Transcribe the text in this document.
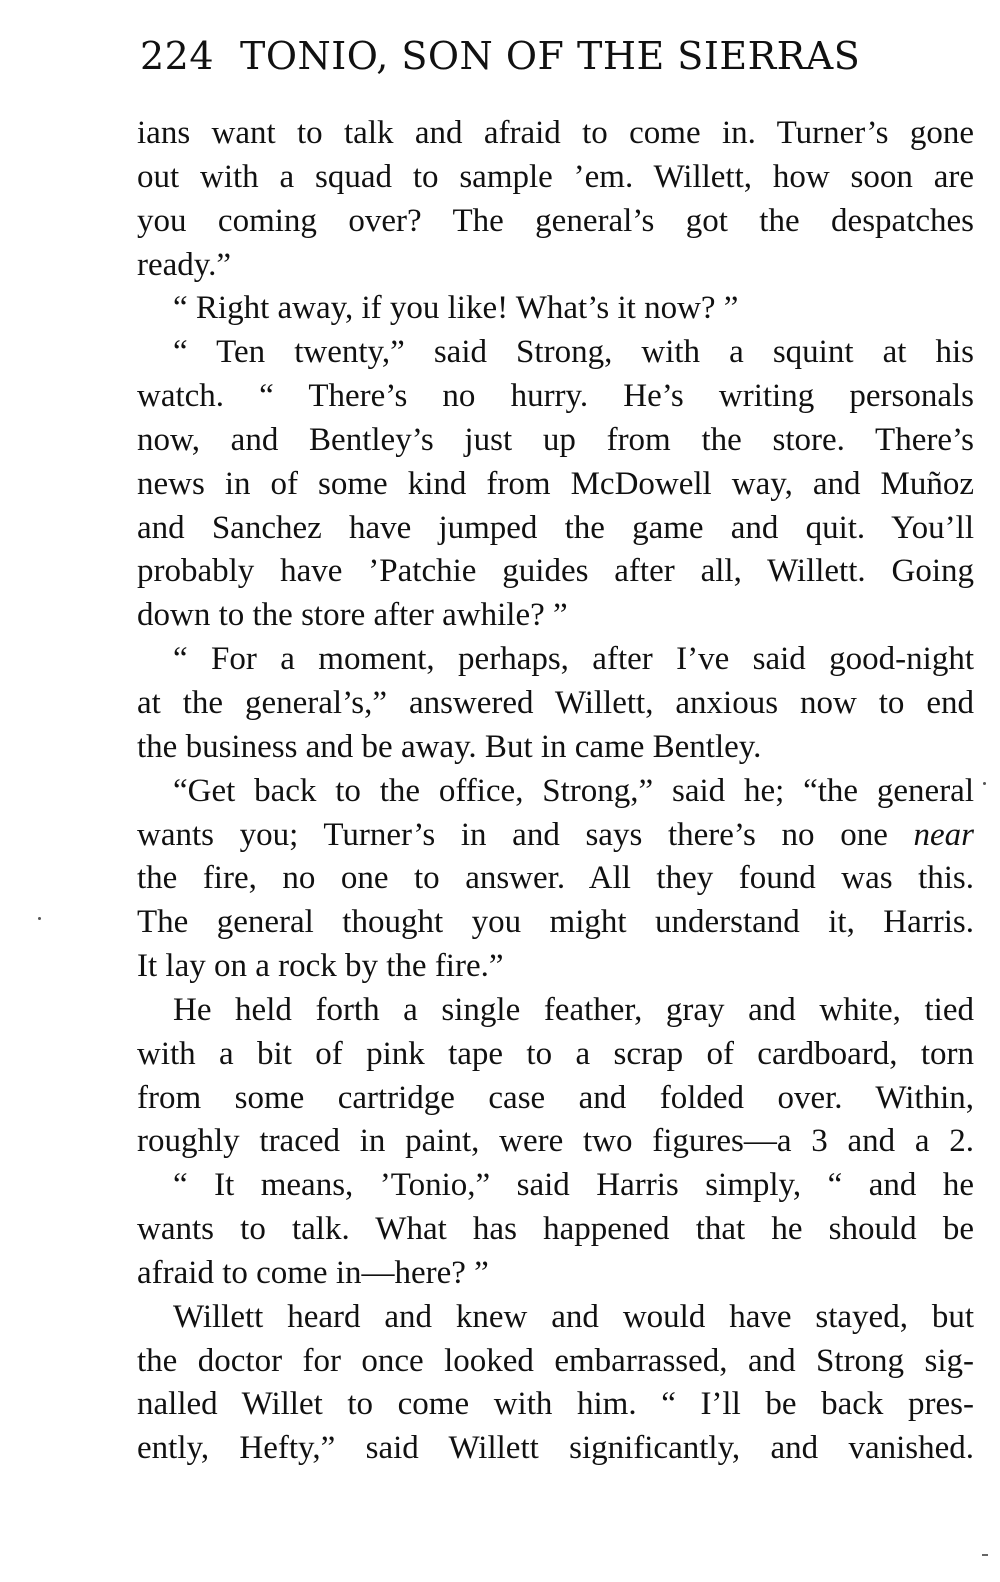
224 TONIO, SON OF THE SIERRAS
ians want to talk and afraid to come in. Turner’s gone
out with a squad to sample ’em. Willett, how soon are
you coming over? The general’s got the despatches
ready.”
“ Right away, if you like! What’s it now? ”
“ Ten twenty,” said Strong, with a squint at his
watch. “ There’s no hurry. He’s writing personals
now, and Bentley’s just up from the store. There’s
news in of some kind from McDowell way, and Muñoz
and Sanchez have jumped the game and quit. You’ll
probably have ’Patchie guides after all, Willett. Going
down to the store after awhile? ”
“ For a moment, perhaps, after I’ve said good-night
at the general’s,” answered Willett, anxious now to end
the business and be away. But in came Bentley.
“Get back to the office, Strong,” said he; “the general
wants you; Turner’s in and says there’s no one near
the fire, no one to answer. All they found was this.
The general thought you might understand it, Harris.
It lay on a rock by the fire.”
He held forth a single feather, gray and white, tied
with a bit of pink tape to a scrap of cardboard, torn
from some cartridge case and folded over. Within,
roughly traced in paint, were two figures—a 3 and a 2.
“ It means, ’Tonio,” said Harris simply, “ and he
wants to talk. What has happened that he should be
afraid to come in—here? ”
Willett heard and knew and would have stayed, but
the doctor for once looked embarrassed, and Strong sig-
nalled Willet to come with him. “ I’ll be back pres-
ently, Hefty,” said Willett significantly, and vanished.
